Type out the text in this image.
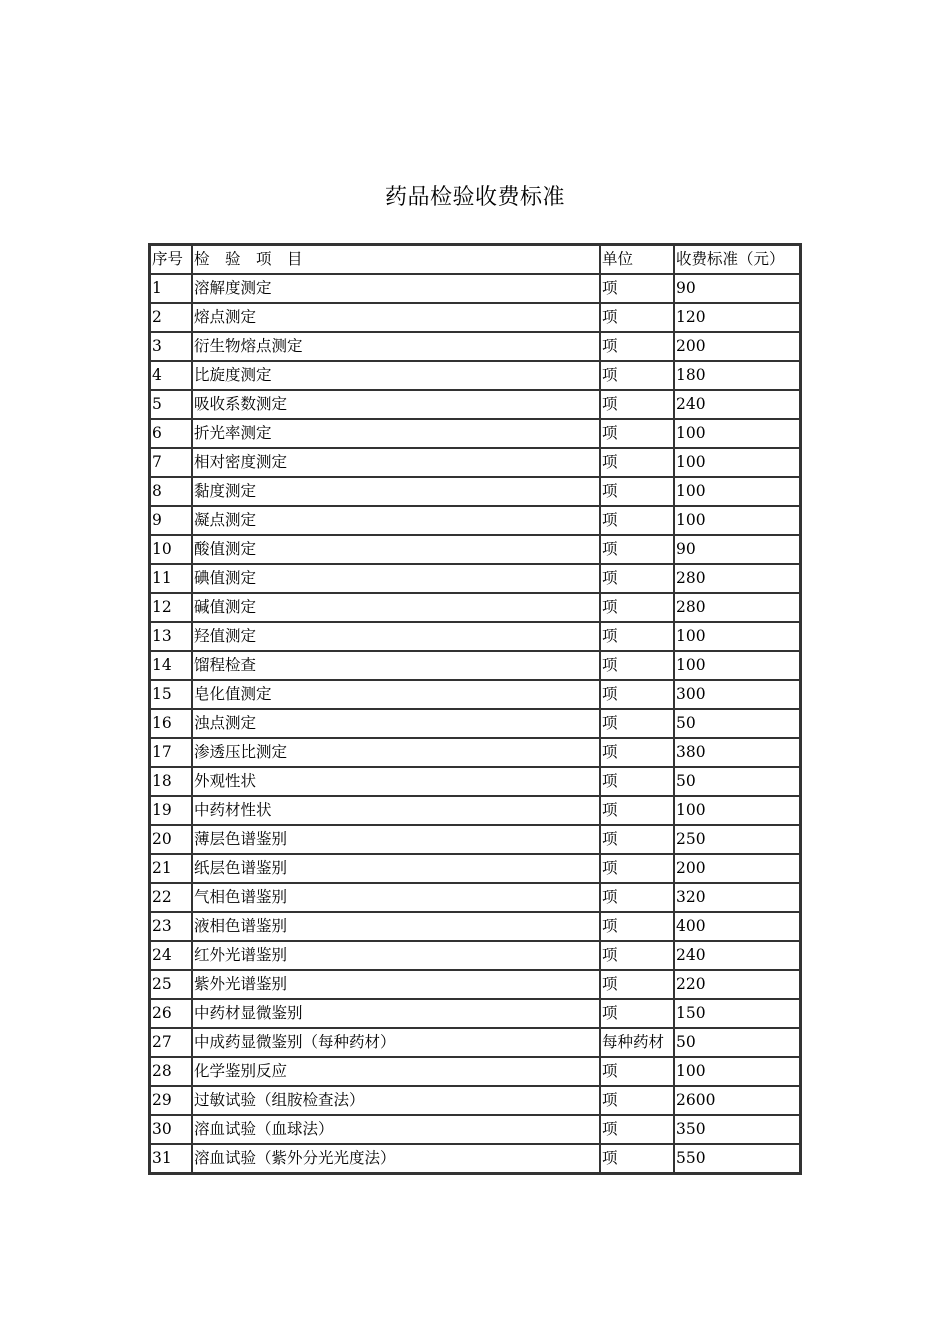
药品检验收费标准
序号	检　验　项　目	单位	收费标准（元）
1	溶解度测定	项	90
2	熔点测定	项	120
3	衍生物熔点测定	项	200
4	比旋度测定	项	180
5	吸收系数测定	项	240
6	折光率测定	项	100
7	相对密度测定	项	100
8	黏度测定	项	100
9	凝点测定	项	100
10	酸值测定	项	90
11	碘值测定	项	280
12	碱值测定	项	280
13	羟值测定	项	100
14	馏程检查	项	100
15	皂化值测定	项	300
16	浊点测定	项	50
17	渗透压比测定	项	380
18	外观性状	项	50
19	中药材性状	项	100
20	薄层色谱鉴别	项	250
21	纸层色谱鉴别	项	200
22	气相色谱鉴别	项	320
23	液相色谱鉴别	项	400
24	红外光谱鉴别	项	240
25	紫外光谱鉴别	项	220
26	中药材显微鉴别	项	150
27	中成药显微鉴别（每种药材）	每种药材	50
28	化学鉴别反应	项	100
29	过敏试验（组胺检查法）	项	2600
30	溶血试验（血球法）	项	350
31	溶血试验（紫外分光光度法）	项	550
